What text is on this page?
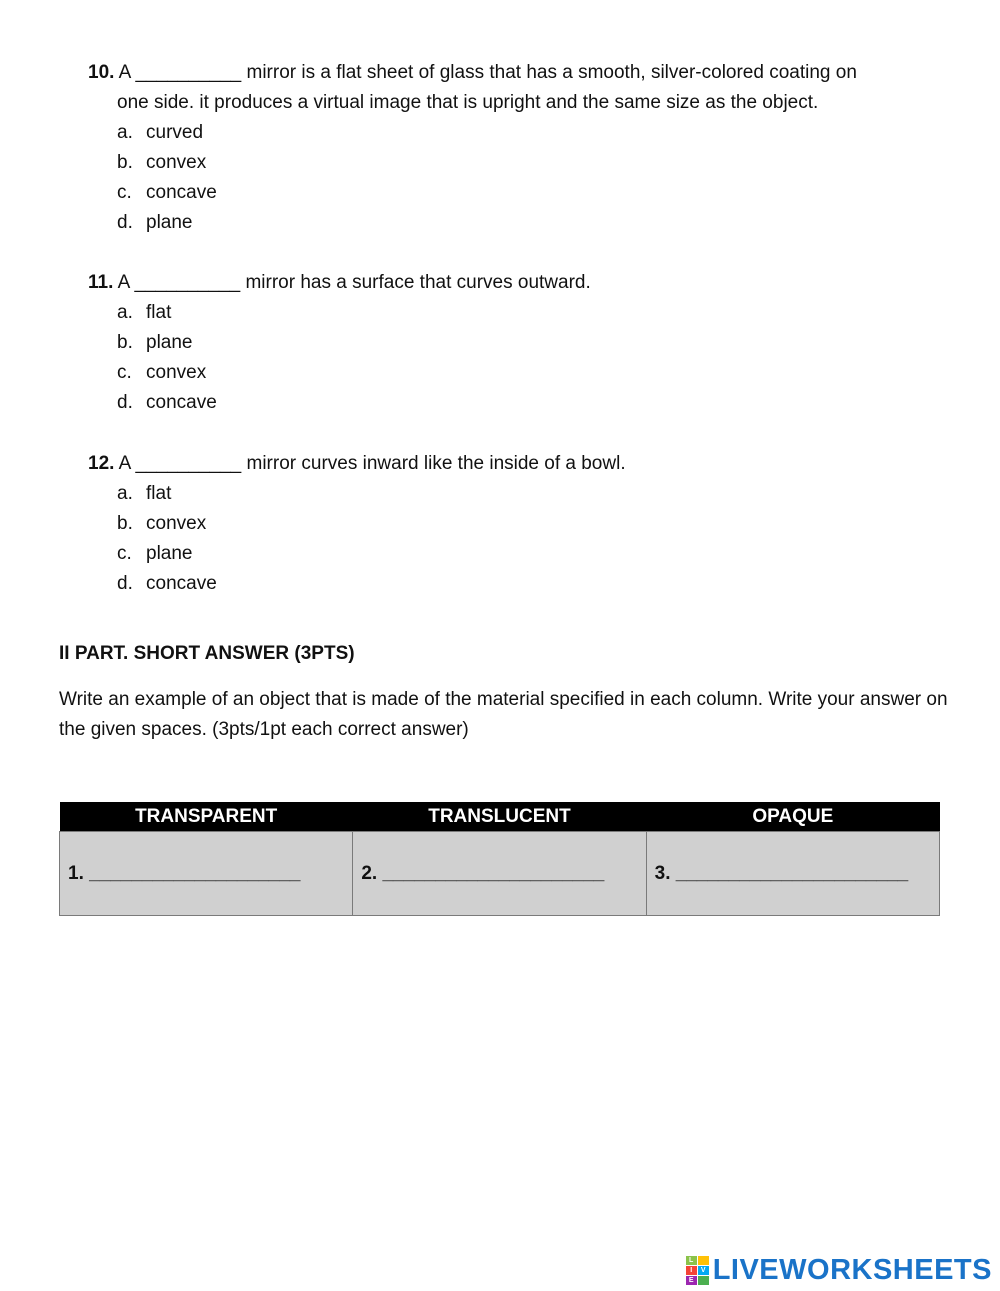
10. A __________ mirror is a flat sheet of glass that has a smooth, silver-colored coating on

one side. it produces a virtual image that is upright and the same size as the object.

a. curved
b. convex
c. concave
d. plane

11. A __________ mirror has a surface that curves outward.

a. flat
b. plane
c. convex
d. concave

12. A __________ mirror curves inward like the inside of a bowl.

a. flat
b. convex
c. plane
d. concave
II PART. SHORT ANSWER (3PTS)
Write an example of an object that is made of the material specified in each column. Write your answer on the given spaces. (3pts/1pt each correct answer)
TRANSPARENT	TRANSLUCENT	OPAQUE
1. ____________________	2. _____________________	3. ______________________
L
I	V
E LIVEWORKSHEETS
